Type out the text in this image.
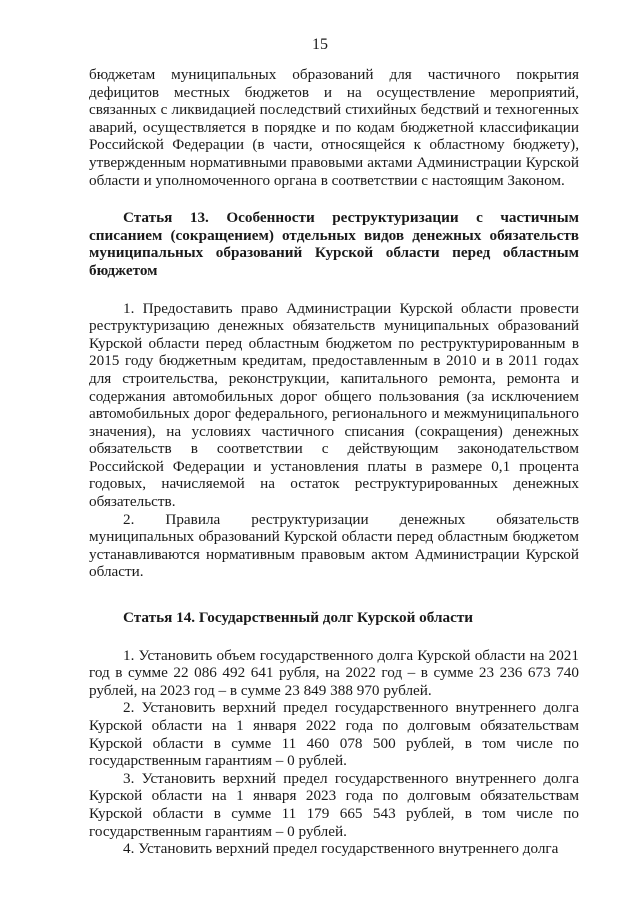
15

бюджетам муниципальных образований для частичного покрытия дефицитов местных бюджетов и на осуществление мероприятий, связанных с ликвидацией последствий стихийных бедствий и техногенных аварий, осуществляется в порядке и по кодам бюджетной классификации Российской Федерации (в части, относящейся к областному бюджету), утвержденным нормативными правовыми актами Администрации Курской области и уполномоченного органа в соответствии с настоящим Законом.

Статья 13. Особенности реструктуризации с частичным списанием (сокращением) отдельных видов денежных обязательств муниципальных образований Курской области перед областным бюджетом

1. Предоставить право Администрации Курской области провести реструктуризацию денежных обязательств муниципальных образований Курской области перед областным бюджетом по реструктурированным в 2015 году бюджетным кредитам, предоставленным в 2010 и в 2011 годах для строительства, реконструкции, капитального ремонта, ремонта и содержания автомобильных дорог общего пользования (за исключением автомобильных дорог федерального, регионального и межмуниципального значения), на условиях частичного списания (сокращения) денежных обязательств в соответствии с действующим законодательством Российской Федерации и установления платы в размере 0,1 процента годовых, начисляемой на остаток реструктурированных денежных обязательств.

2. Правила реструктуризации денежных обязательств муниципальных образований Курской области перед областным бюджетом устанавливаются нормативным правовым актом Администрации Курской области.

Статья 14. Государственный долг Курской области

1. Установить объем государственного долга Курской области на 2021 год в сумме 22 086 492 641 рубля, на 2022 год – в сумме 23 236 673 740 рублей, на 2023 год – в сумме 23 849 388 970 рублей.

2. Установить верхний предел государственного внутреннего долга Курской области на 1 января 2022 года по долговым обязательствам Курской области в сумме 11 460 078 500 рублей, в том числе по государственным гарантиям – 0 рублей.

3. Установить верхний предел государственного внутреннего долга Курской области на 1 января 2023 года по долговым обязательствам Курской области в сумме 11 179 665 543 рублей, в том числе по государственным гарантиям – 0 рублей.

4. Установить верхний предел государственного внутреннего долга
